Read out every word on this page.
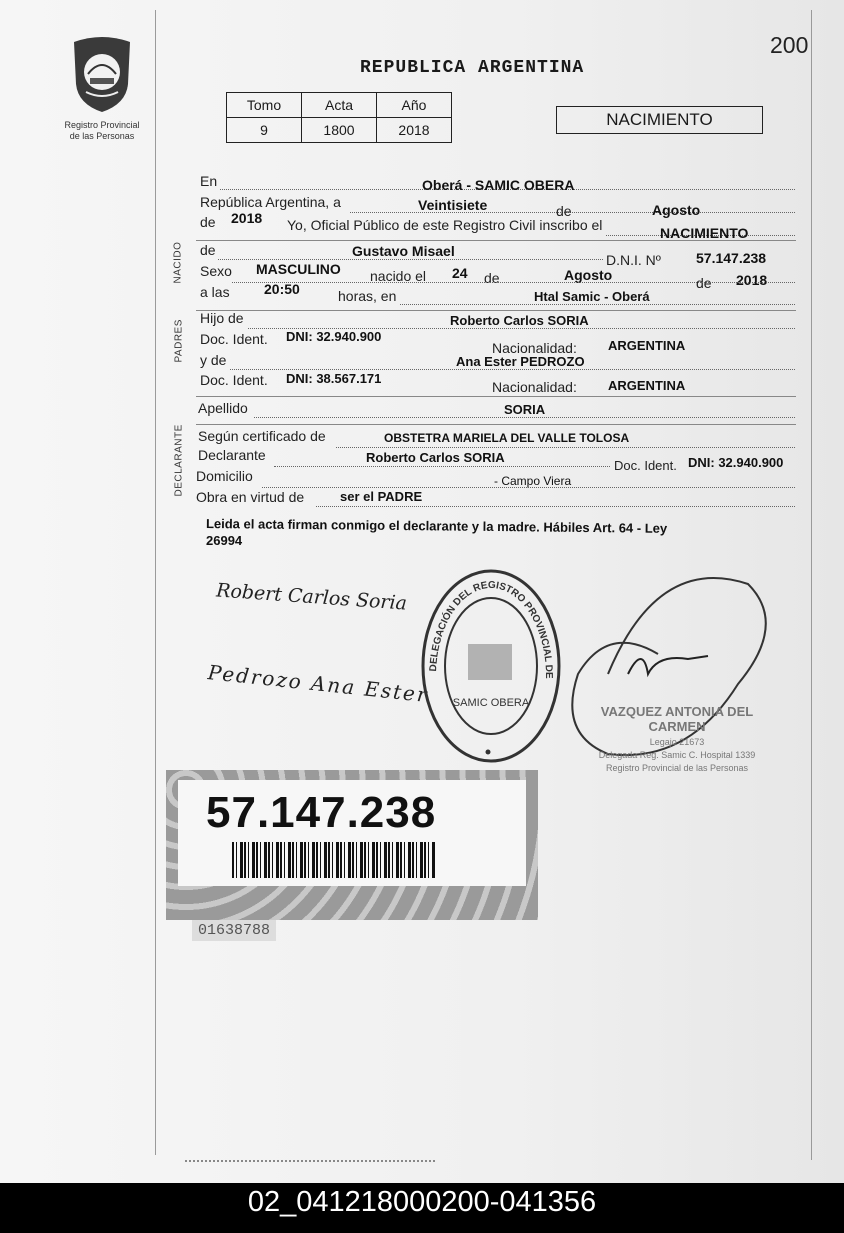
200
Registro Provincial
de las Personas
REPUBLICA ARGENTINA
Tomo	Acta	Año
9	1800	2018
NACIMIENTO
En	Oberá - SAMIC OBERA
República Argentina, a	Veintisiete	de	Agosto
de 2018 Yo, Oficial Público de este Registro Civil inscribo el	NACIMIENTO
NACIDO de	Gustavo Misael
D.N.I. Nº	57.147.238
Sexo MASCULINO nacido el 24 de	Agosto	de 2018
a las 20:50	horas, en	Htal Samic - Oberá
PADRES
Hijo de	Roberto Carlos SORIA
Doc. Ident. DNI: 32.940.900
Nacionalidad: ARGENTINA
y de	Ana Ester PEDROZO
Doc. Ident. DNI: 38.567.171
Nacionalidad: ARGENTINA
Apellido	SORIA
DECLARANTE Según certificado de	OBSTETRA MARIELA DEL VALLE TOLOSA
Declarante	Roberto Carlos SORIA
Doc. Ident. DNI: 32.940.900
Domicilio	- Campo Viera
Obra en virtud de	ser el PADRE
Leida el acta firman conmigo el declarante y la madre. Hábiles Art. 64 - Ley
26994
Robert Carlos Soria
Pedrozo Ana Ester
DELEGACIÓN DEL REGISTRO PROVINCIAL DE
SAMIC OBERA
VAZQUEZ ANTONIA DEL CARMEN
Legajo 21673
Delegada Reg. Samic C. Hospital 1339
Registro Provincial de las Personas
57.147.238
01638788
02_041218000200-041356
